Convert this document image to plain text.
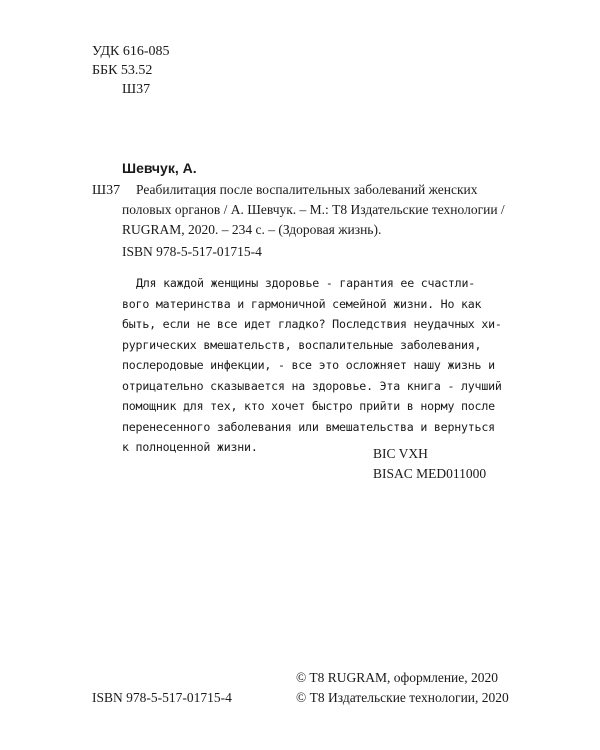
УДК 616-085
ББК 53.52
Ш37
Шевчук, А.
Ш37 Реабилитация после воспалительных заболеваний женских
половых органов / А. Шевчук. – М.: Т8 Издательские технологии /
RUGRAM, 2020. – 234 с. – (Здоровая жизнь).
ISBN 978-5-517-01715-4

Для каждой женщины здоровье - гарантия ее счастли-

вого материнства и гармоничной семейной жизни. Но как

быть, если не все идет гладко? Последствия неудачных хи-

рургических вмешательств, воспалительные заболевания,

послеродовые инфекции, - все это осложняет нашу жизнь и

отрицательно сказывается на здоровье. Эта книга - лучший

помощник для тех, кто хочет быстро прийти в норму после

перенесенного заболевания или вмешательства и вернуться

к полноценной жизни.	BIC VXH
BISAC MED011000
© T8 RUGRAM, оформление, 2020
© Т8 Издательские технологии, 2020
ISBN 978-5-517-01715-4
